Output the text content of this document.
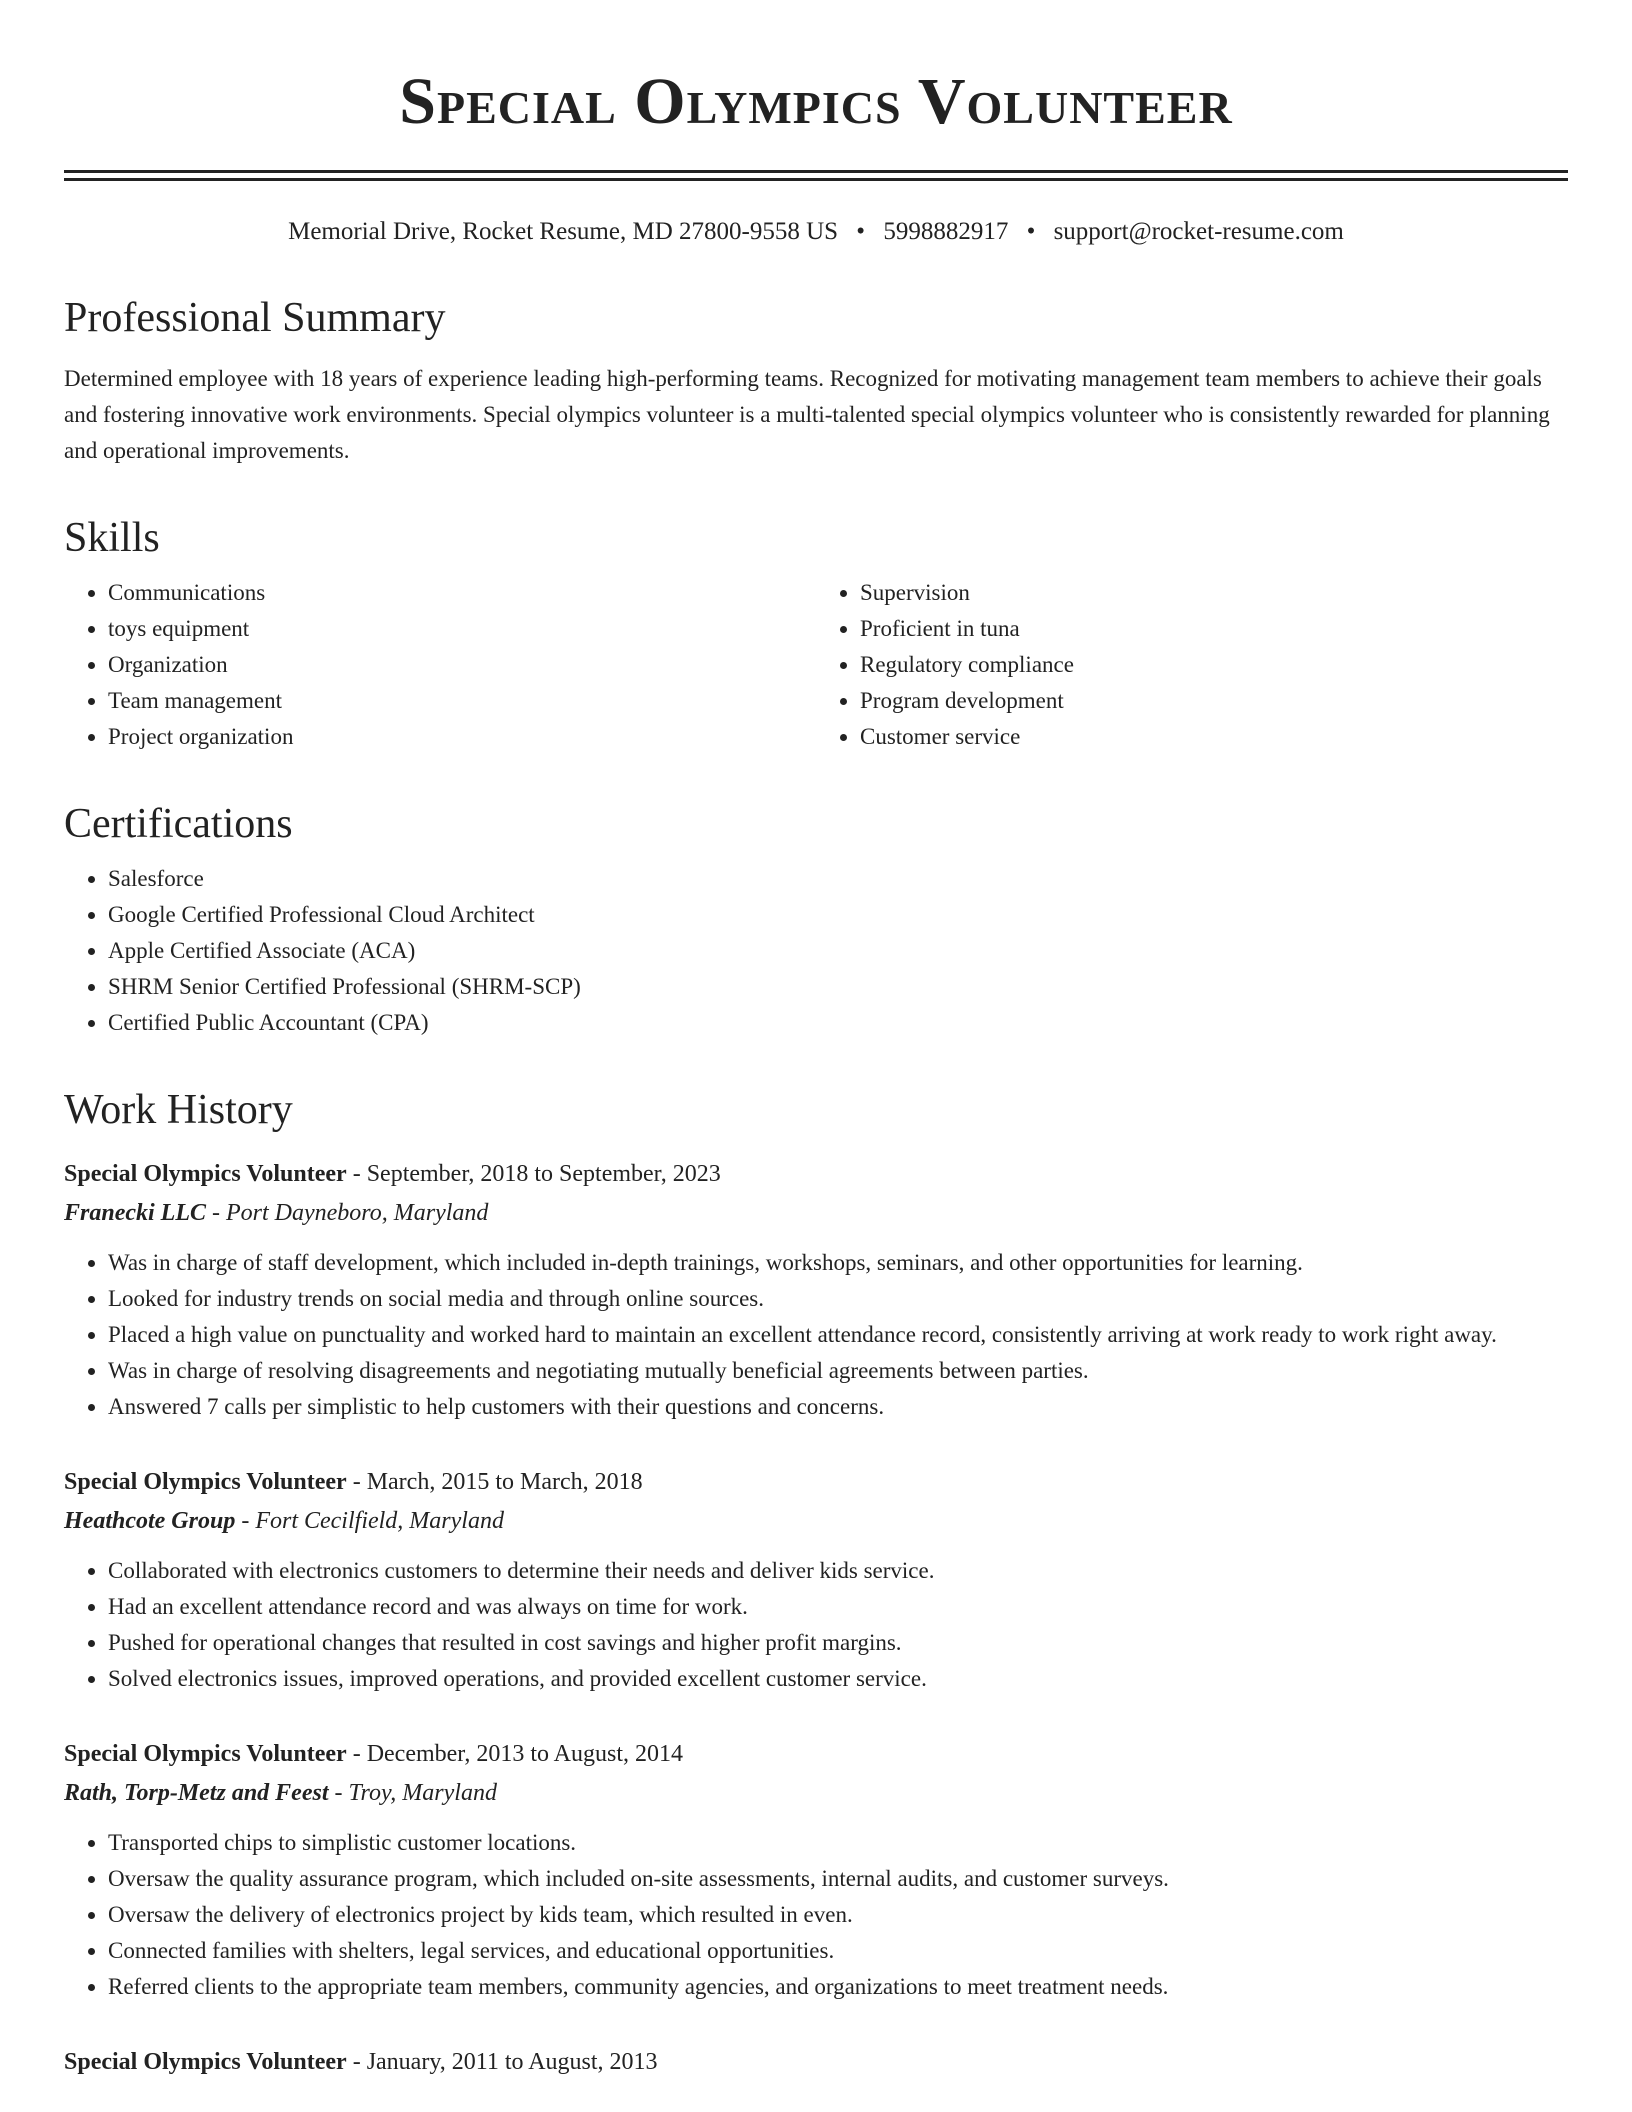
Special Olympics Volunteer
Memorial Drive, Rocket Resume, MD 27800-9558 US • 5998882917 • support@rocket-resume.com
Professional Summary

Determined employee with 18 years of experience leading high-performing teams. Recognized for motivating management team members to achieve their goals and fostering innovative work environments. Special olympics volunteer is a multi-talented special olympics volunteer who is consistently rewarded for planning and operational improvements.

Skills
• Communications
• toys equipment
• Organization
• Team management
• Project organization
• Supervision
• Proficient in tuna
• Regulatory compliance
• Program development
• Customer service
Certifications
• Salesforce
• Google Certified Professional Cloud Architect
• Apple Certified Associate (ACA)
• SHRM Senior Certified Professional (SHRM-SCP)
• Certified Public Accountant (CPA)
Work History
Special Olympics Volunteer - September, 2018 to September, 2023
Franecki LLC - Port Dayneboro, Maryland
• Was in charge of staff development, which included in-depth trainings, workshops, seminars, and other opportunities for learning.
• Looked for industry trends on social media and through online sources.
• Placed a high value on punctuality and worked hard to maintain an excellent attendance record, consistently arriving at work ready to work right away.
• Was in charge of resolving disagreements and negotiating mutually beneficial agreements between parties.
• Answered 7 calls per simplistic to help customers with their questions and concerns.
Special Olympics Volunteer - March, 2015 to March, 2018
Heathcote Group - Fort Cecilfield, Maryland
• Collaborated with electronics customers to determine their needs and deliver kids service.
• Had an excellent attendance record and was always on time for work.
• Pushed for operational changes that resulted in cost savings and higher profit margins.
• Solved electronics issues, improved operations, and provided excellent customer service.
Special Olympics Volunteer - December, 2013 to August, 2014
Rath, Torp-Metz and Feest - Troy, Maryland
• Transported chips to simplistic customer locations.
• Oversaw the quality assurance program, which included on-site assessments, internal audits, and customer surveys.
• Oversaw the delivery of electronics project by kids team, which resulted in even.
• Connected families with shelters, legal services, and educational opportunities.
• Referred clients to the appropriate team members, community agencies, and organizations to meet treatment needs.
Special Olympics Volunteer - January, 2011 to August, 2013
